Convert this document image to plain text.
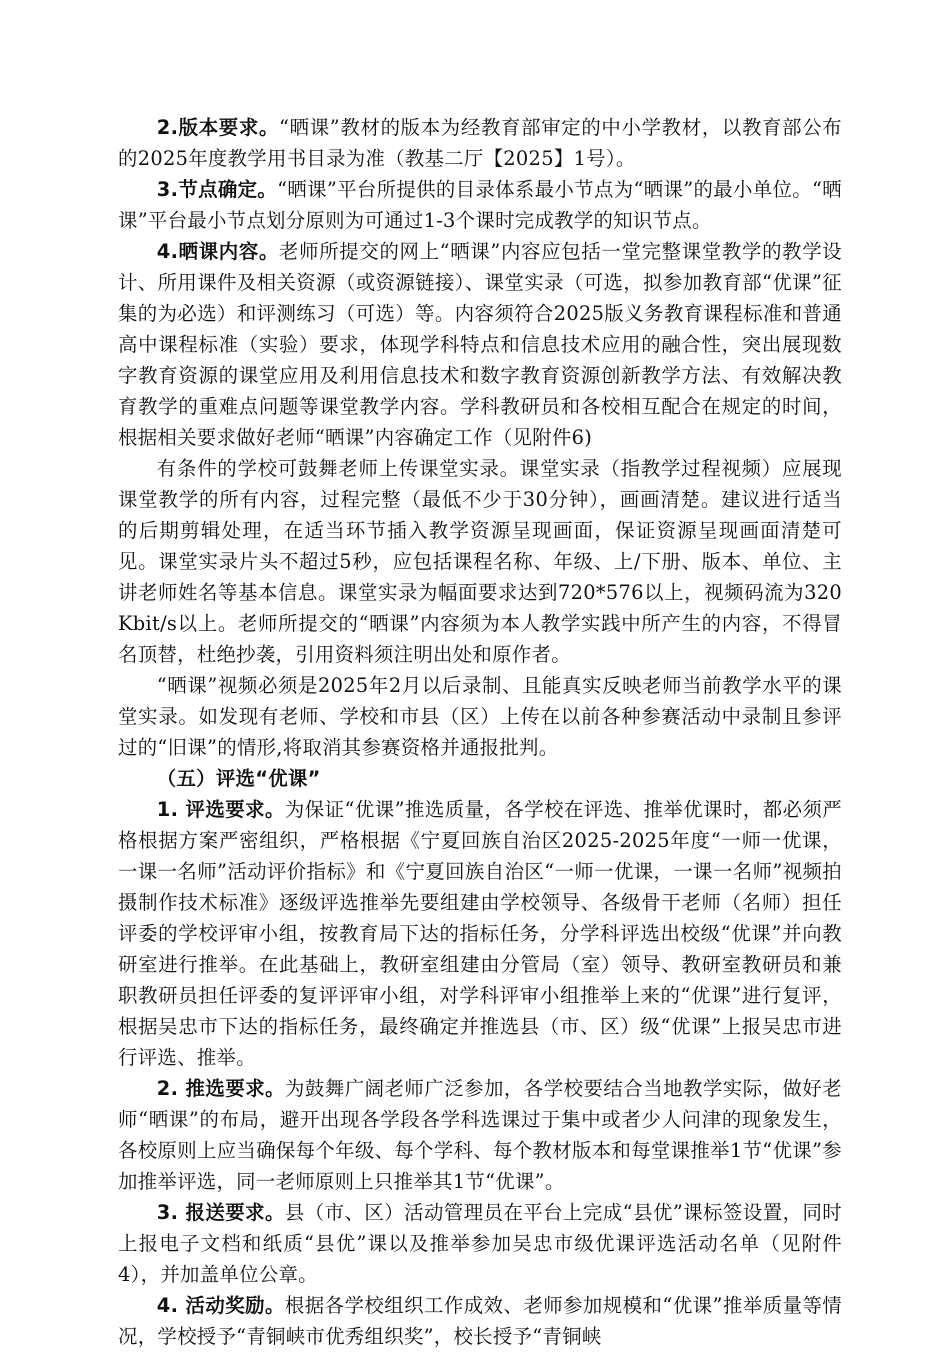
2.版本要求。“晒课”教材的版本为经教育部审定的中小学教材，以教育部公布的2025年度教学用书目录为准（教基二厅【2025】1号）。

3.节点确定。“晒课”平台所提供的目录体系最小节点为“晒课”的最小单位。“晒课”平台最小节点划分原则为可通过1-3个课时完成教学的知识节点。

4.晒课内容。老师所提交的网上“晒课”内容应包括一堂完整课堂教学的教学设计、所用课件及相关资源（或资源链接）、课堂实录（可选，拟参加教育部“优课”征集的为必选）和评测练习（可选）等。内容须符合2025版义务教育课程标准和普通高中课程标准（实验）要求，体现学科特点和信息技术应用的融合性，突出展现数字教育资源的课堂应用及利用信息技术和数字教育资源创新教学方法、有效解决教育教学的重难点问题等课堂教学内容。学科教研员和各校相互配合在规定的时间，根据相关要求做好老师“晒课”内容确定工作（见附件6)

有条件的学校可鼓舞老师上传课堂实录。课堂实录（指教学过程视频）应展现课堂教学的所有内容，过程完整（最低不少于30分钟），画画清楚。建议进行适当的后期剪辑处理，在适当环节插入教学资源呈现画面，保证资源呈现画面清楚可见。课堂实录片头不超过5秒，应包括课程名称、年级、上/下册、版本、单位、主讲老师姓名等基本信息。课堂实录为幅面要求达到720*576以上，视频码流为320Kbit/s以上。老师所提交的“晒课”内容须为本人教学实践中所产生的内容，不得冒名顶替，杜绝抄袭，引用资料须注明出处和原作者。

“晒课”视频必须是2025年2月以后录制、且能真实反映老师当前教学水平的课堂实录。如发现有老师、学校和市县（区）上传在以前各种参赛活动中录制且参评过的“旧课”的情形,将取消其参赛资格并通报批判。

（五）评选“优课”

1. 评选要求。为保证“优课”推选质量，各学校在评选、推举优课时，都必须严格根据方案严密组织，严格根据《宁夏回族自治区2025-2025年度“一师一优课， 一课一名师”活动评价指标》和《宁夏回族自治区“一师一优课，一课一名师”视频拍摄制作技术标准》逐级评选推举先要组建由学校领导、各级骨干老师（名师）担任评委的学校评审小组，按教育局下达的指标任务，分学科评选出校级“优课”并向教研室进行推举。在此基础上，教研室组建由分管局（室）领导、教研室教研员和兼职教研员担任评委的复评评审小组，对学科评审小组推举上来的“优课”进行复评，根据吴忠市下达的指标任务，最终确定并推选县（市、区）级“优课”上报吴忠市进行评选、推举。

2. 推选要求。为鼓舞广阔老师广泛参加，各学校要结合当地教学实际，做好老师“晒课”的布局，避开出现各学段各学科选课过于集中或者少人问津的现象发生，各校原则上应当确保每个年级、每个学科、每个教材版本和每堂课推举1节“优课”参加推举评选，同一老师原则上只推举其1节“优课”。

3. 报送要求。县（市、区）活动管理员在平台上完成“县优”课标签设置，同时上报电子文档和纸质“县优”课以及推举参加吴忠市级优课评选活动名单（见附件4），并加盖单位公章。

4. 活动奖励。根据各学校组织工作成效、老师参加规模和“优课”推举质量等情况，学校授予“青铜峡市优秀组织奖”，校长授予“青铜峡
